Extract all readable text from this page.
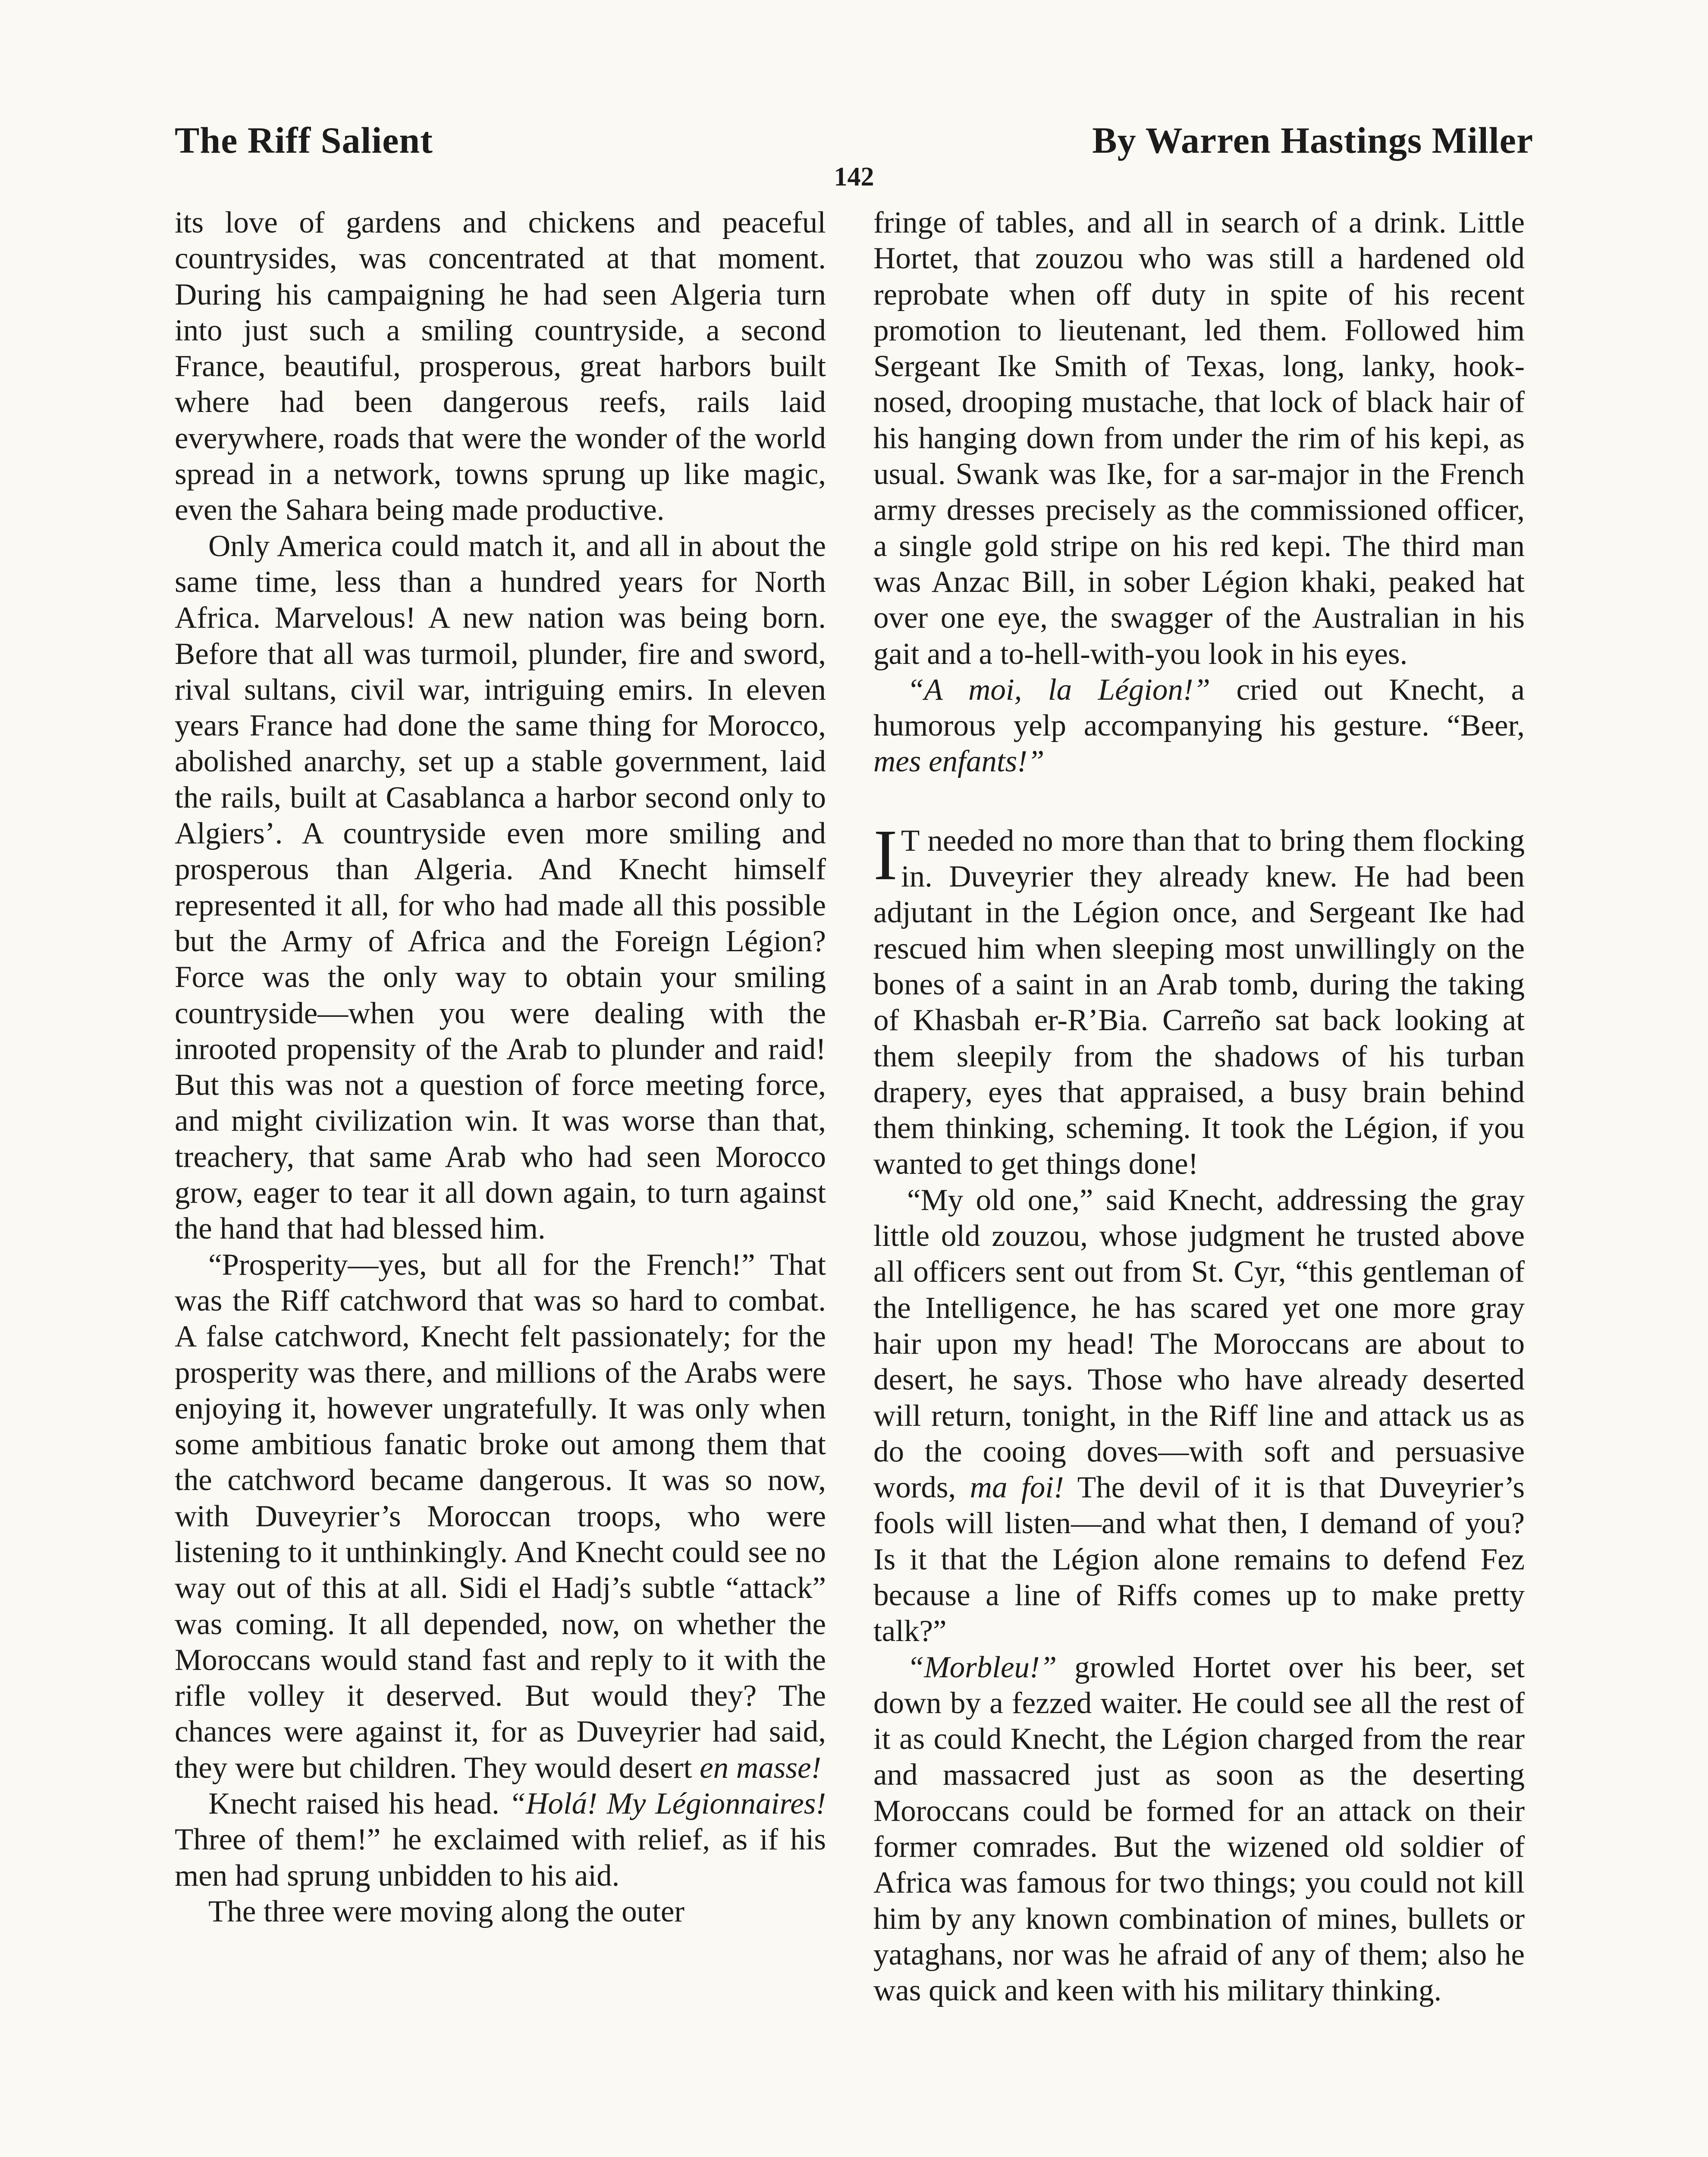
The Riff Salient	By Warren Hastings Miller
142

its love of gardens and chickens and peaceful countrysides, was concentrated at that moment. During his campaigning he had seen Algeria turn into just such a smiling countryside, a second France, beautiful, prosperous, great harbors built where had been dangerous reefs, rails laid everywhere, roads that were the wonder of the world spread in a network, towns sprung up like magic, even the Sahara being made productive.

Only America could match it, and all in about the same time, less than a hundred years for North Africa. Marvelous! A new nation was being born. Before that all was turmoil, plunder, fire and sword, rival sultans, civil war, intriguing emirs. In eleven years France had done the same thing for Morocco, abolished anarchy, set up a stable government, laid the rails, built at Casablanca a harbor second only to Algiers’. A countryside even more smiling and prosperous than Algeria. And Knecht himself represented it all, for who had made all this possible but the Army of Africa and the Foreign Légion? Force was the only way to obtain your smiling countryside—when you were dealing with the inrooted propensity of the Arab to plunder and raid! But this was not a question of force meeting force, and might civilization win. It was worse than that, treachery, that same Arab who had seen Morocco grow, eager to tear it all down again, to turn against the hand that had blessed him.

“Prosperity—yes, but all for the French!” That was the Riff catchword that was so hard to combat. A false catchword, Knecht felt passionately; for the prosperity was there, and millions of the Arabs were enjoying it, however ungratefully. It was only when some ambitious fanatic broke out among them that the catchword became dangerous. It was so now, with Duveyrier’s Moroccan troops, who were listening to it unthinkingly. And Knecht could see no way out of this at all. Sidi el Hadj’s subtle “attack” was coming. It all depended, now, on whether the Moroccans would stand fast and reply to it with the rifle volley it deserved. But would they? The chances were against it, for as Duveyrier had said, they were but children. They would desert en masse!

Knecht raised his head. “Holá! My Légionnaires! Three of them!” he exclaimed with relief, as if his men had sprung unbidden to his aid.

The three were moving along the outer

fringe of tables, and all in search of a drink. Little Hortet, that zouzou who was still a hardened old reprobate when off duty in spite of his recent promotion to lieutenant, led them. Followed him Sergeant Ike Smith of Texas, long, lanky, hook-nosed, drooping mustache, that lock of black hair of his hanging down from under the rim of his kepi, as usual. Swank was Ike, for a sar-major in the French army dresses precisely as the commissioned officer, a single gold stripe on his red kepi. The third man was Anzac Bill, in sober Légion khaki, peaked hat over one eye, the swagger of the Australian in his gait and a to-hell-with-you look in his eyes.

“A moi, la Légion!” cried out Knecht, a humorous yelp accompanying his gesture. “Beer, mes enfants!”

I T needed no more than that to bring them flocking in. Duveyrier they already knew. He had been adjutant in the Légion once, and Sergeant Ike had rescued him when sleeping most unwillingly on the bones of a saint in an Arab tomb, during the taking of Khasbah er-R’Bia. Carreño sat back looking at them sleepily from the shadows of his turban drapery, eyes that appraised, a busy brain behind them thinking, scheming. It took the Légion, if you wanted to get things done!

“My old one,” said Knecht, addressing the gray little old zouzou, whose judgment he trusted above all officers sent out from St. Cyr, “this gentleman of the Intelligence, he has scared yet one more gray hair upon my head! The Moroccans are about to desert, he says. Those who have already deserted will return, tonight, in the Riff line and attack us as do the cooing doves—with soft and persuasive words, ma foi! The devil of it is that Duveyrier’s fools will listen—and what then, I demand of you? Is it that the Légion alone remains to defend Fez because a line of Riffs comes up to make pretty talk?”

“Morbleu!” growled Hortet over his beer, set down by a fezzed waiter. He could see all the rest of it as could Knecht, the Légion charged from the rear and massacred just as soon as the deserting Moroccans could be formed for an attack on their former comrades. But the wizened old soldier of Africa was famous for two things; you could not kill him by any known combination of mines, bullets or yataghans, nor was he afraid of any of them; also he was quick and keen with his military thinking.
